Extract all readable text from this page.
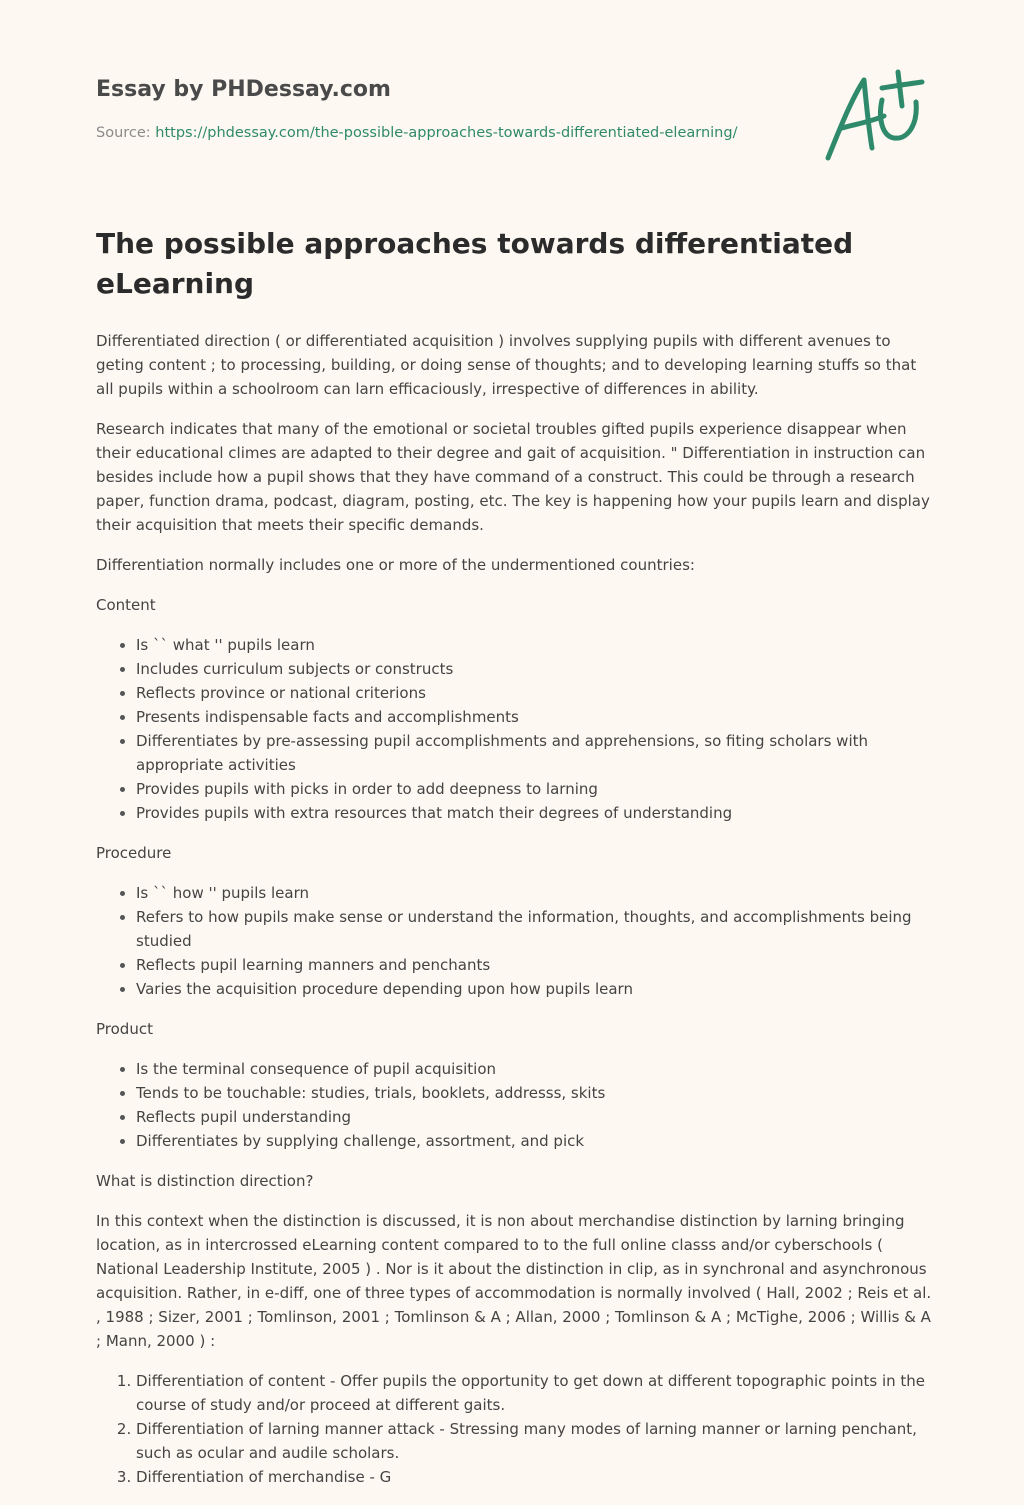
Essay by PHDessay.com
Source: https://phdessay.com/the-possible-approaches-towards-differentiated-elearning/
The possible approaches towards differentiated eLearning

Differentiated direction ( or differentiated acquisition ) involves supplying pupils with different avenues to geting content ; to processing, building, or doing sense of thoughts; and to developing learning stuffs so that all pupils within a schoolroom can larn efficaciously, irrespective of differences in ability.

Research indicates that many of the emotional or societal troubles gifted pupils experience disappear when their educational climes are adapted to their degree and gait of acquisition. " Differentiation in instruction can besides include how a pupil shows that they have command of a construct. This could be through a research paper, function drama, podcast, diagram, posting, etc. The key is happening how your pupils learn and display their acquisition that meets their specific demands.

Differentiation normally includes one or more of the undermentioned countries:

Content

• Is `` what '' pupils learn
• Includes curriculum subjects or constructs
• Reflects province or national criterions
• Presents indispensable facts and accomplishments
• Differentiates by pre-assessing pupil accomplishments and apprehensions, so fiting scholars with appropriate activities
• Provides pupils with picks in order to add deepness to larning
• Provides pupils with extra resources that match their degrees of understanding

Procedure

• Is `` how '' pupils learn
• Refers to how pupils make sense or understand the information, thoughts, and accomplishments being studied
• Reflects pupil learning manners and penchants
• Varies the acquisition procedure depending upon how pupils learn

Product

• Is the terminal consequence of pupil acquisition
• Tends to be touchable: studies, trials, booklets, addresss, skits
• Reflects pupil understanding
• Differentiates by supplying challenge, assortment, and pick

What is distinction direction?

In this context when the distinction is discussed, it is non about merchandise distinction by larning bringing location, as in intercrossed eLearning content compared to to the full online classs and/or cyberschools ( National Leadership Institute, 2005 ) . Nor is it about the distinction in clip, as in synchronal and asynchronous acquisition. Rather, in e-diff, one of three types of accommodation is normally involved ( Hall, 2002 ; Reis et al. , 1988 ; Sizer, 2001 ; Tomlinson, 2001 ; Tomlinson & A ; Allan, 2000 ; Tomlinson & A ; McTighe, 2006 ; Willis & A ; Mann, 2000 ) :

1. Differentiation of content - Offer pupils the opportunity to get down at different topographic points in the course of study and/or proceed at different gaits.
2. Differentiation of larning manner attack - Stressing many modes of larning manner or larning penchant, such as ocular and audile scholars.
3. Differentiation of merchandise - G
